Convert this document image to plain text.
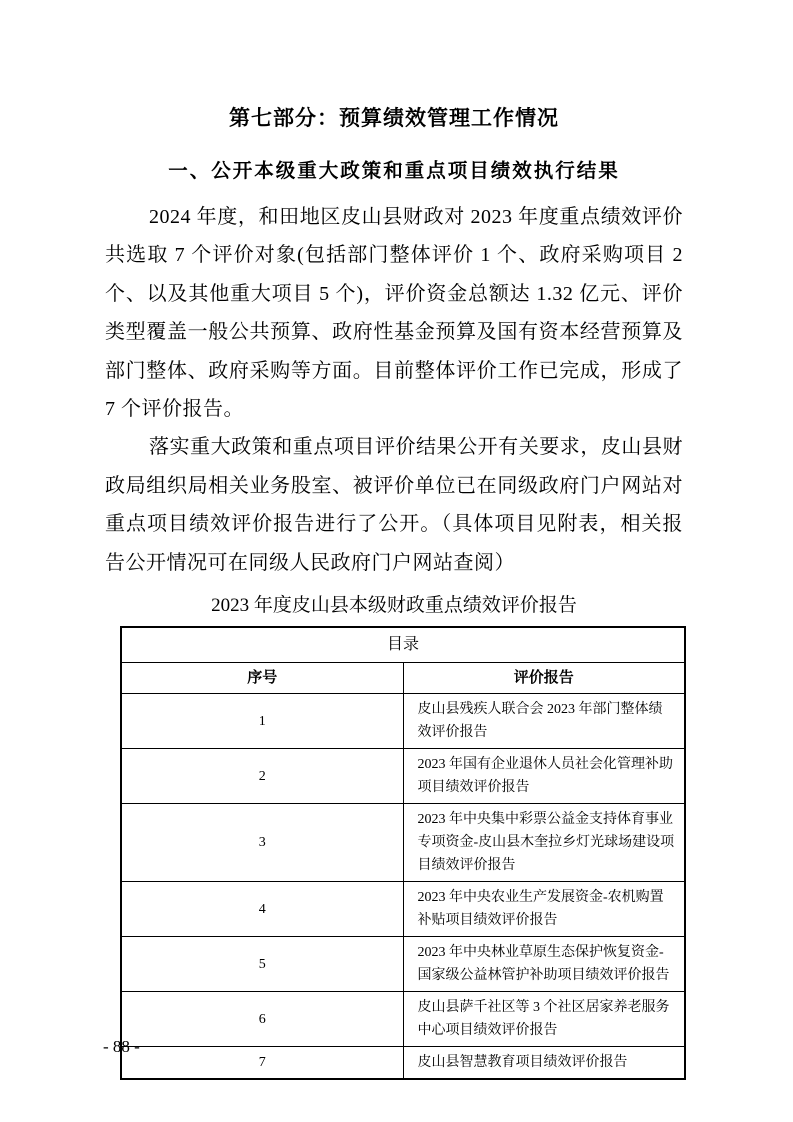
第七部分：预算绩效管理工作情况
一、公开本级重大政策和重点项目绩效执行结果

2024 年度，和田地区皮山县财政对 2023 年度重点绩效评价共选取 7 个评价对象(包括部门整体评价 1 个、政府采购项目 2 个、以及其他重大项目 5 个)，评价资金总额达 1.32 亿元、评价类型覆盖一般公共预算、政府性基金预算及国有资本经营预算及部门整体、政府采购等方面。目前整体评价工作已完成，形成了 7 个评价报告。

落实重大政策和重点项目评价结果公开有关要求，皮山县财政局组织局相关业务股室、被评价单位已在同级政府门户网站对重点项目绩效评价报告进行了公开。（具体项目见附表，相关报告公开情况可在同级人民政府门户网站查阅）

2023 年度皮山县本级财政重点绩效评价报告
目录	
序号	评价报告
1	皮山县残疾人联合会 2023 年部门整体绩效评价报告
2	2023 年国有企业退休人员社会化管理补助项目绩效评价报告
3	2023 年中央集中彩票公益金支持体育事业专项资金-皮山县木奎拉乡灯光球场建设项目绩效评价报告
4	2023 年中央农业生产发展资金-农机购置补贴项目绩效评价报告
5	2023 年中央林业草原生态保护恢复资金-国家级公益林管护补助项目绩效评价报告
6	皮山县萨千社区等 3 个社区居家养老服务中心项目绩效评价报告
7	皮山县智慧教育项目绩效评价报告
- 88 -
